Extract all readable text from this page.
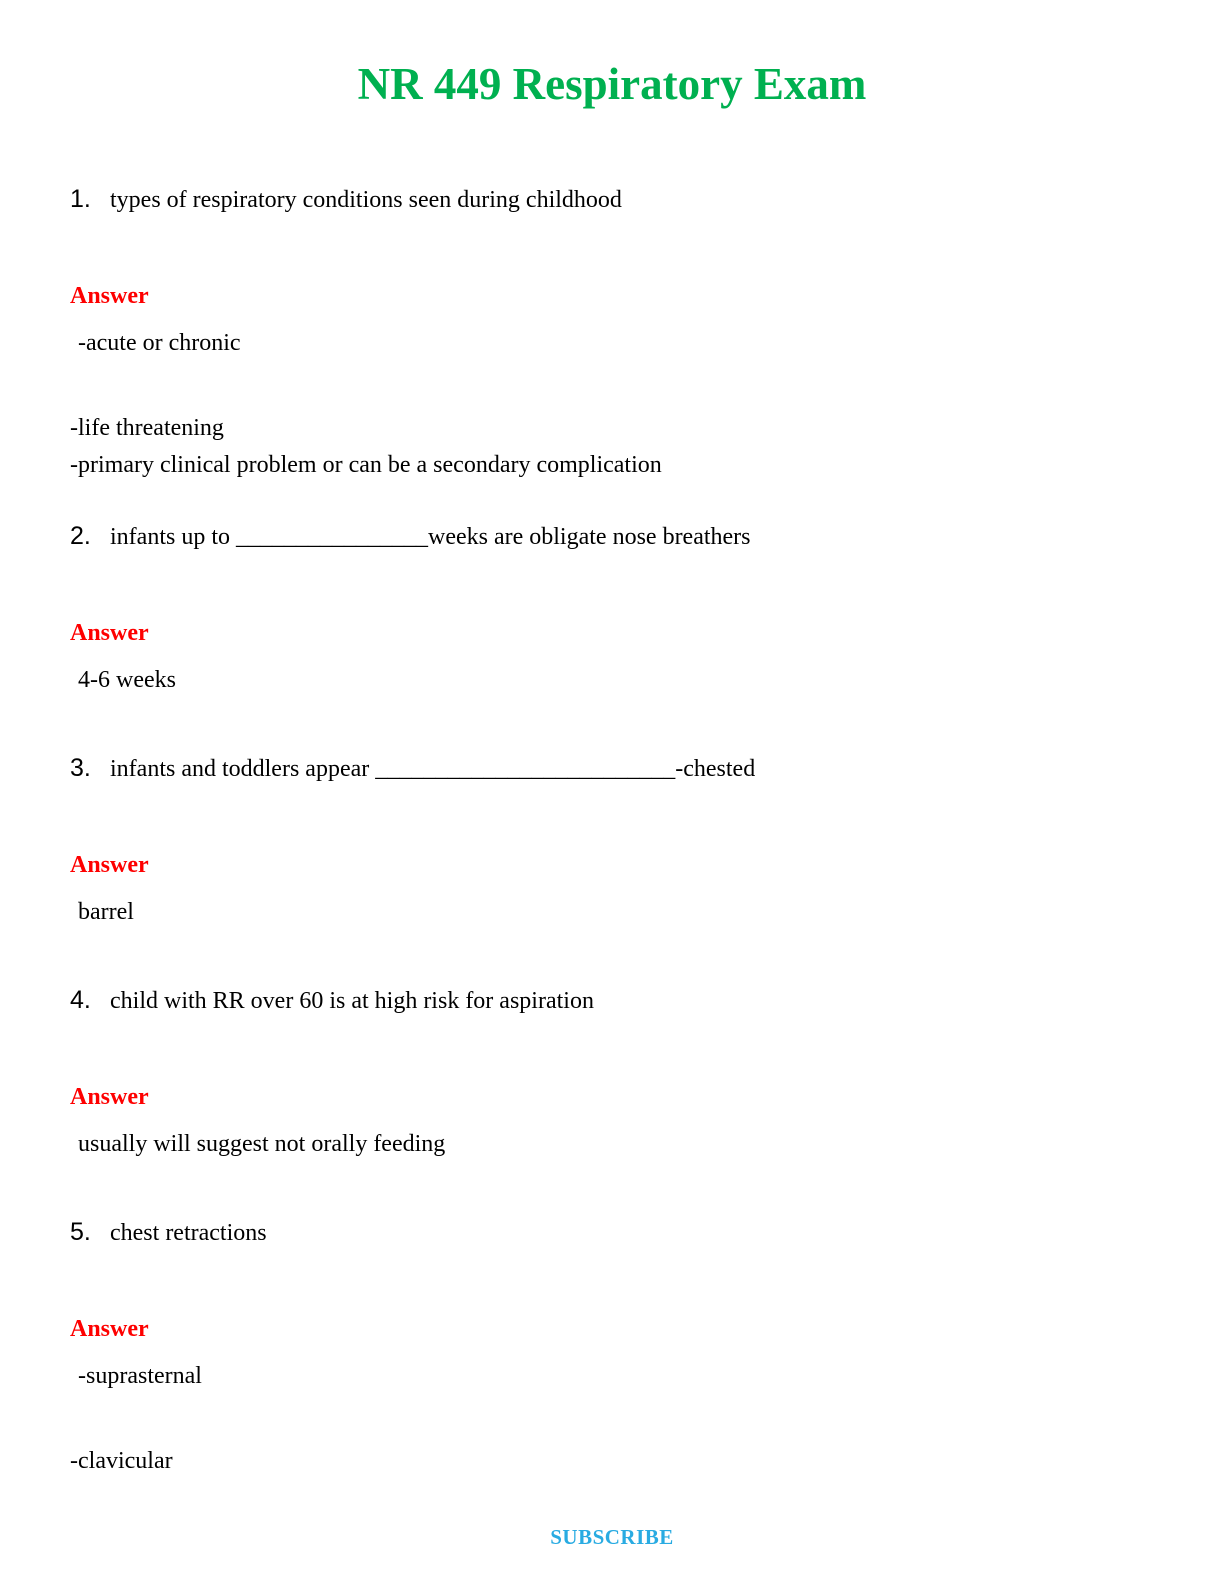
NR 449 Respiratory Exam
1. types of respiratory conditions seen during childhood
Answer

-acute or chronic

-life threatening

-primary clinical problem or can be a secondary complication

2. infants up to ________________weeks are obligate nose breathers
Answer

4-6 weeks

3. infants and toddlers appear _________________________-chested
Answer

barrel

4. child with RR over 60 is at high risk for aspiration
Answer

usually will suggest not orally feeding

5. chest retractions
Answer

-suprasternal

-clavicular

SUBSCRIBE
